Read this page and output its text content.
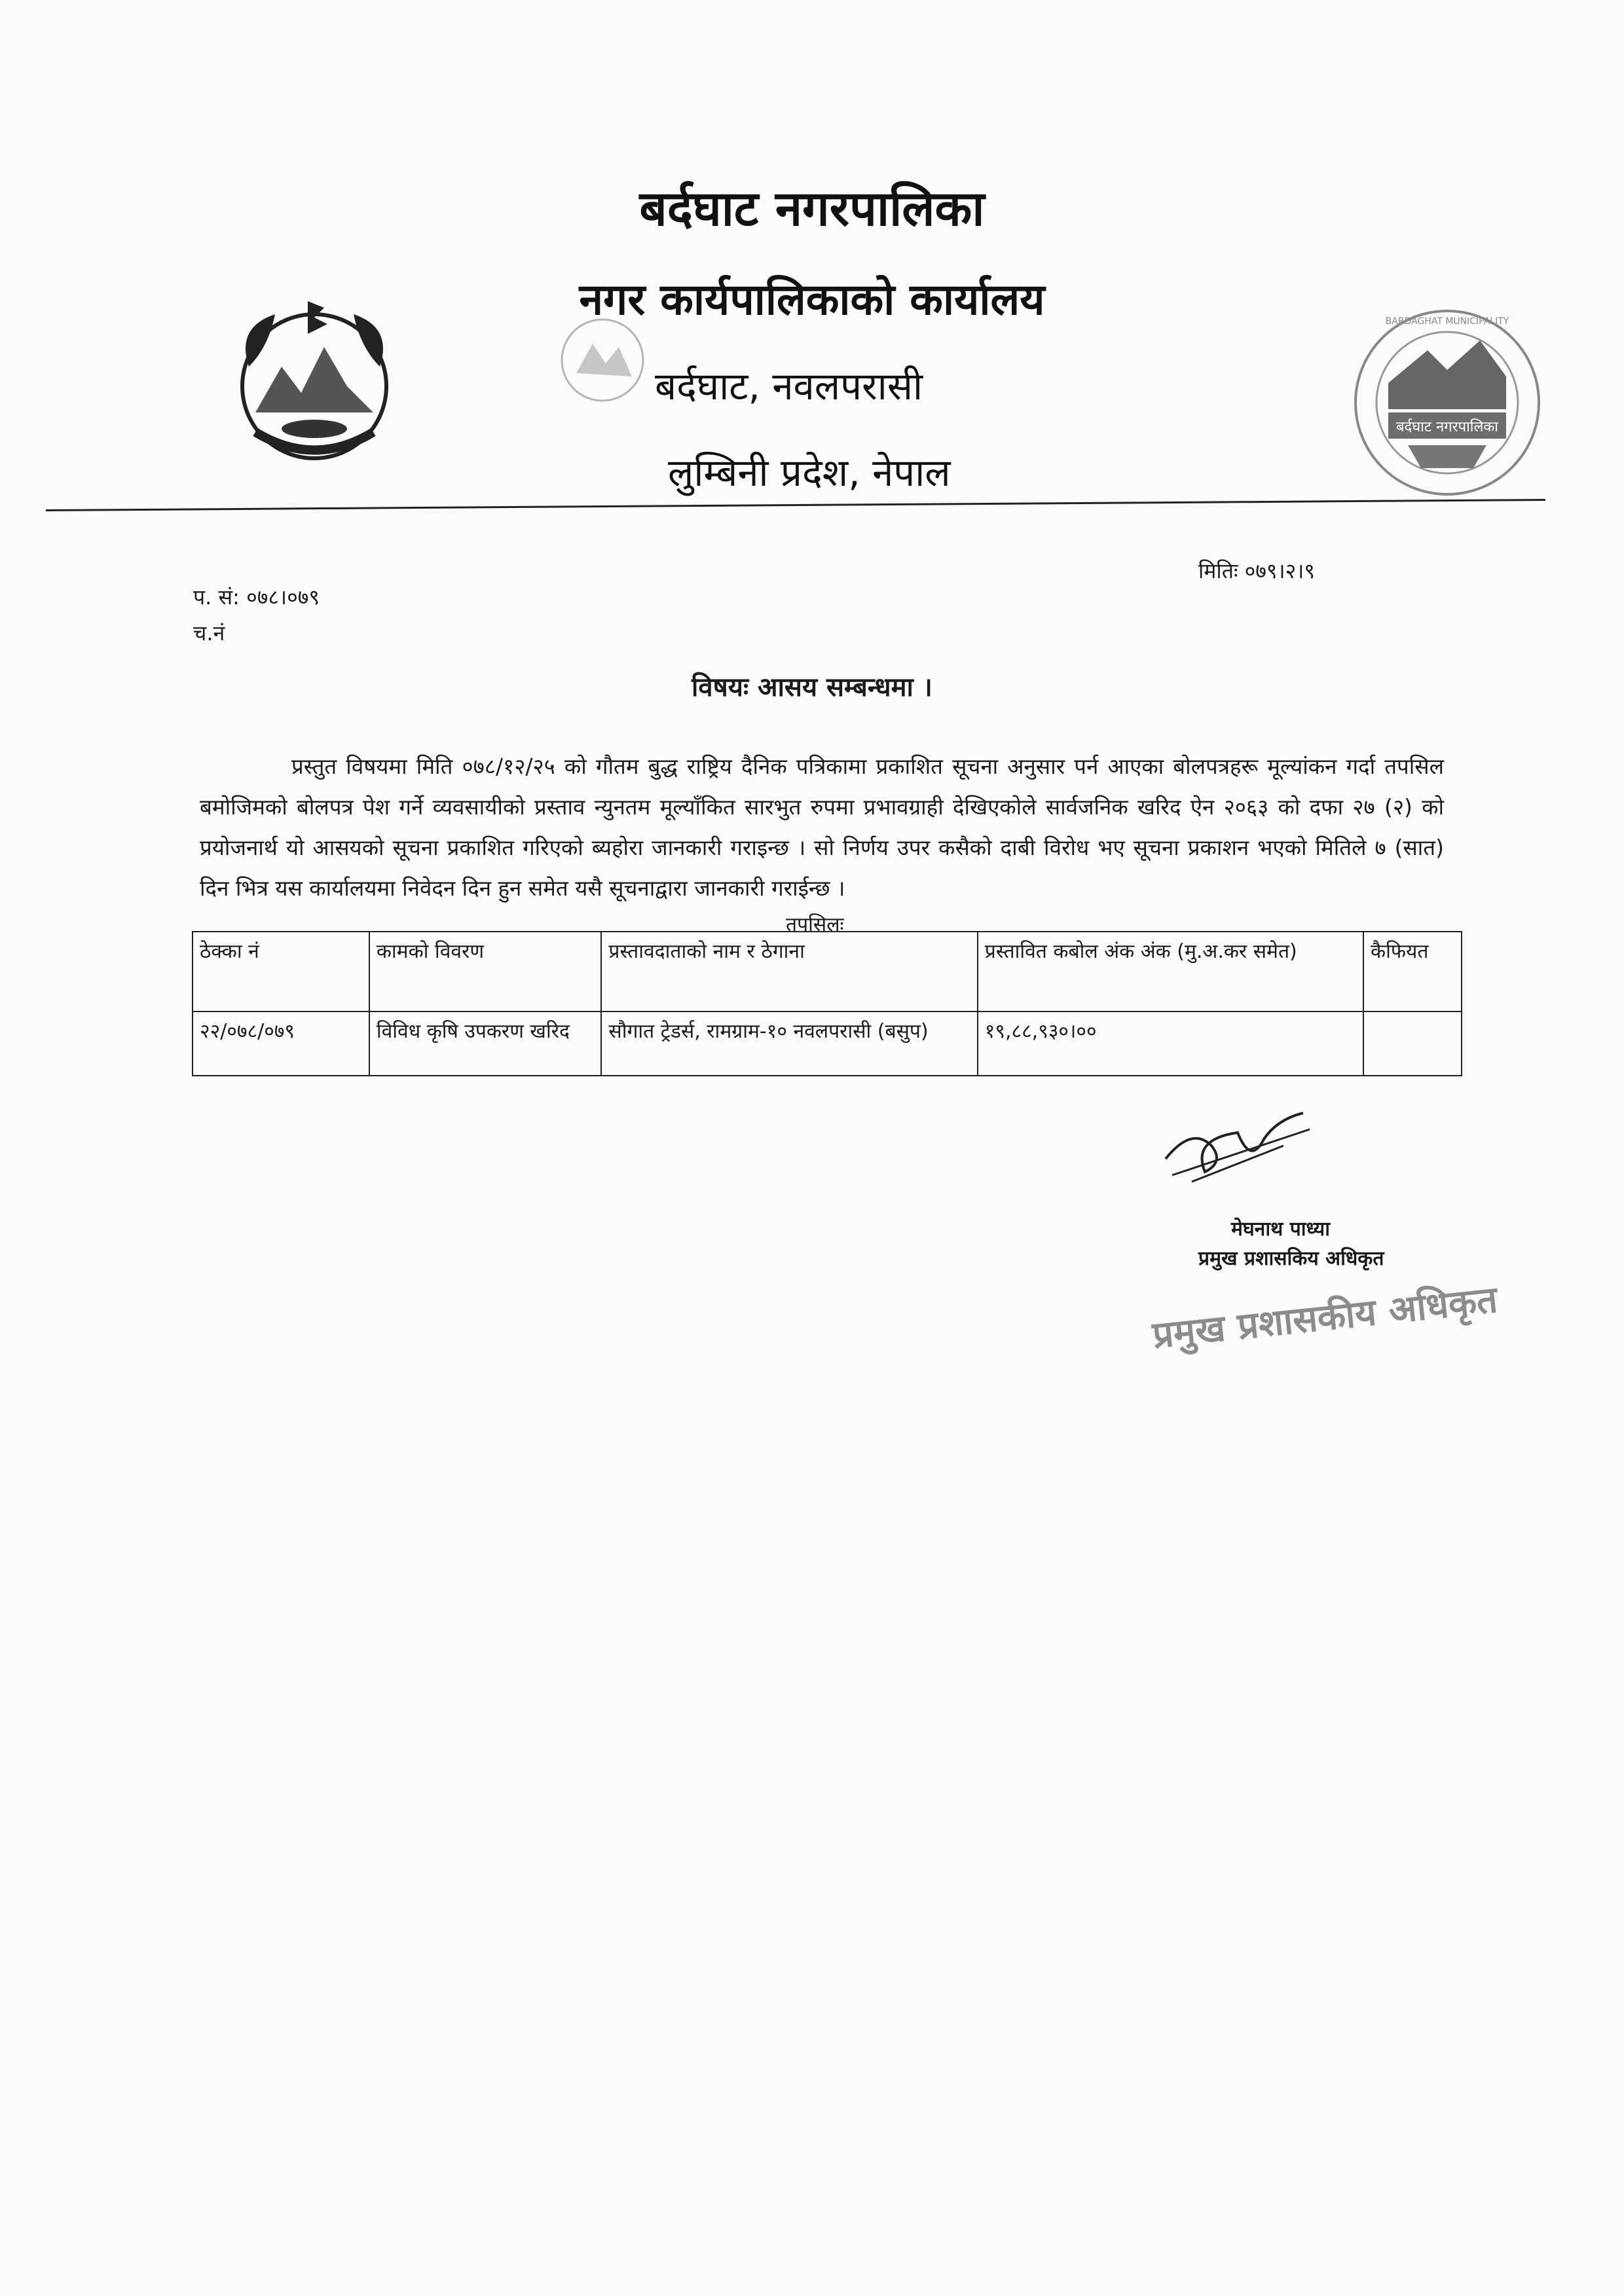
बर्दघाट नगरपालिका
नगर कार्यपालिकाको कार्यालय
बर्दघाट, नवलपरासी
लुम्बिनी प्रदेश, नेपाल
बर्दघाट नगरपालिका
BARDAGHAT MUNICIPALITY
मितिः ०७९।२।९
प. सं: ०७८।०७९
च.नं
विषयः आसय सम्बन्धमा ।
प्रस्तुत विषयमा मिति ०७८/१२/२५ को गौतम बुद्ध राष्ट्रिय दैनिक पत्रिकामा प्रकाशित सूचना अनुसार पर्न आएका बोलपत्रहरू मूल्यांकन गर्दा तपसिल बमोजिमको बोलपत्र पेश गर्ने व्यवसायीको प्रस्ताव न्युनतम मूल्याँकित सारभुत रुपमा प्रभावग्राही देखिएकोले सार्वजनिक खरिद ऐन २०६३ को दफा २७ (२) को प्रयोजनार्थ यो आसयको सूचना प्रकाशित गरिएको ब्यहोरा जानकारी गराइन्छ । सो निर्णय उपर कसैको दाबी विरोध भए सूचना प्रकाशन भएको मितिले ७ (सात) दिन भित्र यस कार्यालयमा निवेदन दिन हुन समेत यसै सूचनाद्वारा जानकारी गराईन्छ ।
तपसिलः
ठेक्का नं	कामको विवरण	प्रस्तावदाताको नाम र ठेगाना	प्रस्तावित कबोल अंक अंक (मु.अ.कर समेत)	कैफियत
२२/०७८/०७९	विविध कृषि उपकरण खरिद	सौगात ट्रेडर्स, रामग्राम-१० नवलपरासी (बसुप)	१९,८८,९३०।००	
मेघनाथ पाध्या
प्रमुख प्रशासकिय अधिकृत
प्रमुख प्रशासकीय अधिकृत
